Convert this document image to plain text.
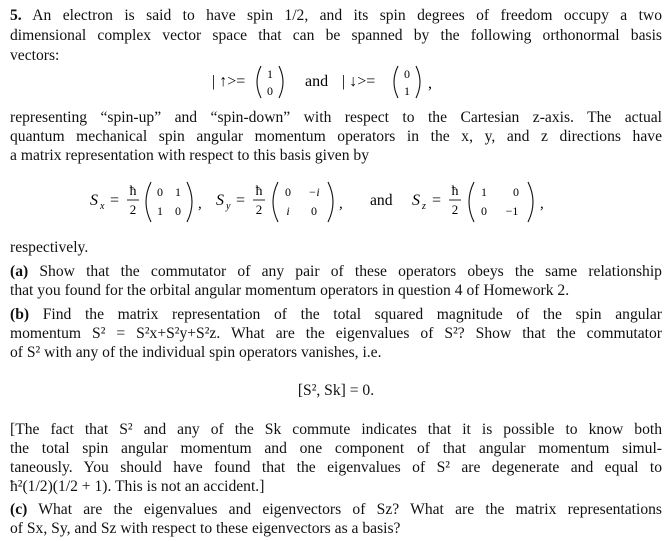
5. An electron is said to have spin 1/2, and its spin degrees of freedom occupy a two
dimensional complex vector space that can be spanned by the following orthonormal basis
vectors:
| ↑>= 1
0
and | ↓>= 0
1 ,
representing “spin-up” and “spin-down” with respect to the Cartesian z-axis. The actual
quantum mechanical spin angular momentum operators in the x, y, and z directions have
a matrix representation with respect to this basis given by
S x =
ħ
2
0 1
1 0 , S y =
ħ
2
0 −i
i 0 , and S z =
ħ
2
1 0
0 −1 ,
respectively.
(a) Show that the commutator of any pair of these operators obeys the same relationship
that you found for the orbital angular momentum operators in question 4 of Homework 2.
(b) Find the matrix representation of the total squared magnitude of the spin angular
momentum S² = S²x+S²y+S²z. What are the eigenvalues of S²? Show that the commutator
of S² with any of the individual spin operators vanishes, i.e.
[S², Sk] = 0.
[The fact that S² and any of the Sk commute indicates that it is possible to know both
the total spin angular momentum and one component of that angular momentum simul-
taneously. You should have found that the eigenvalues of S² are degenerate and equal to
ħ²(1/2)(1/2 + 1). This is not an accident.]
(c) What are the eigenvalues and eigenvectors of Sz? What are the matrix representations
of Sx, Sy, and Sz with respect to these eigenvectors as a basis?
